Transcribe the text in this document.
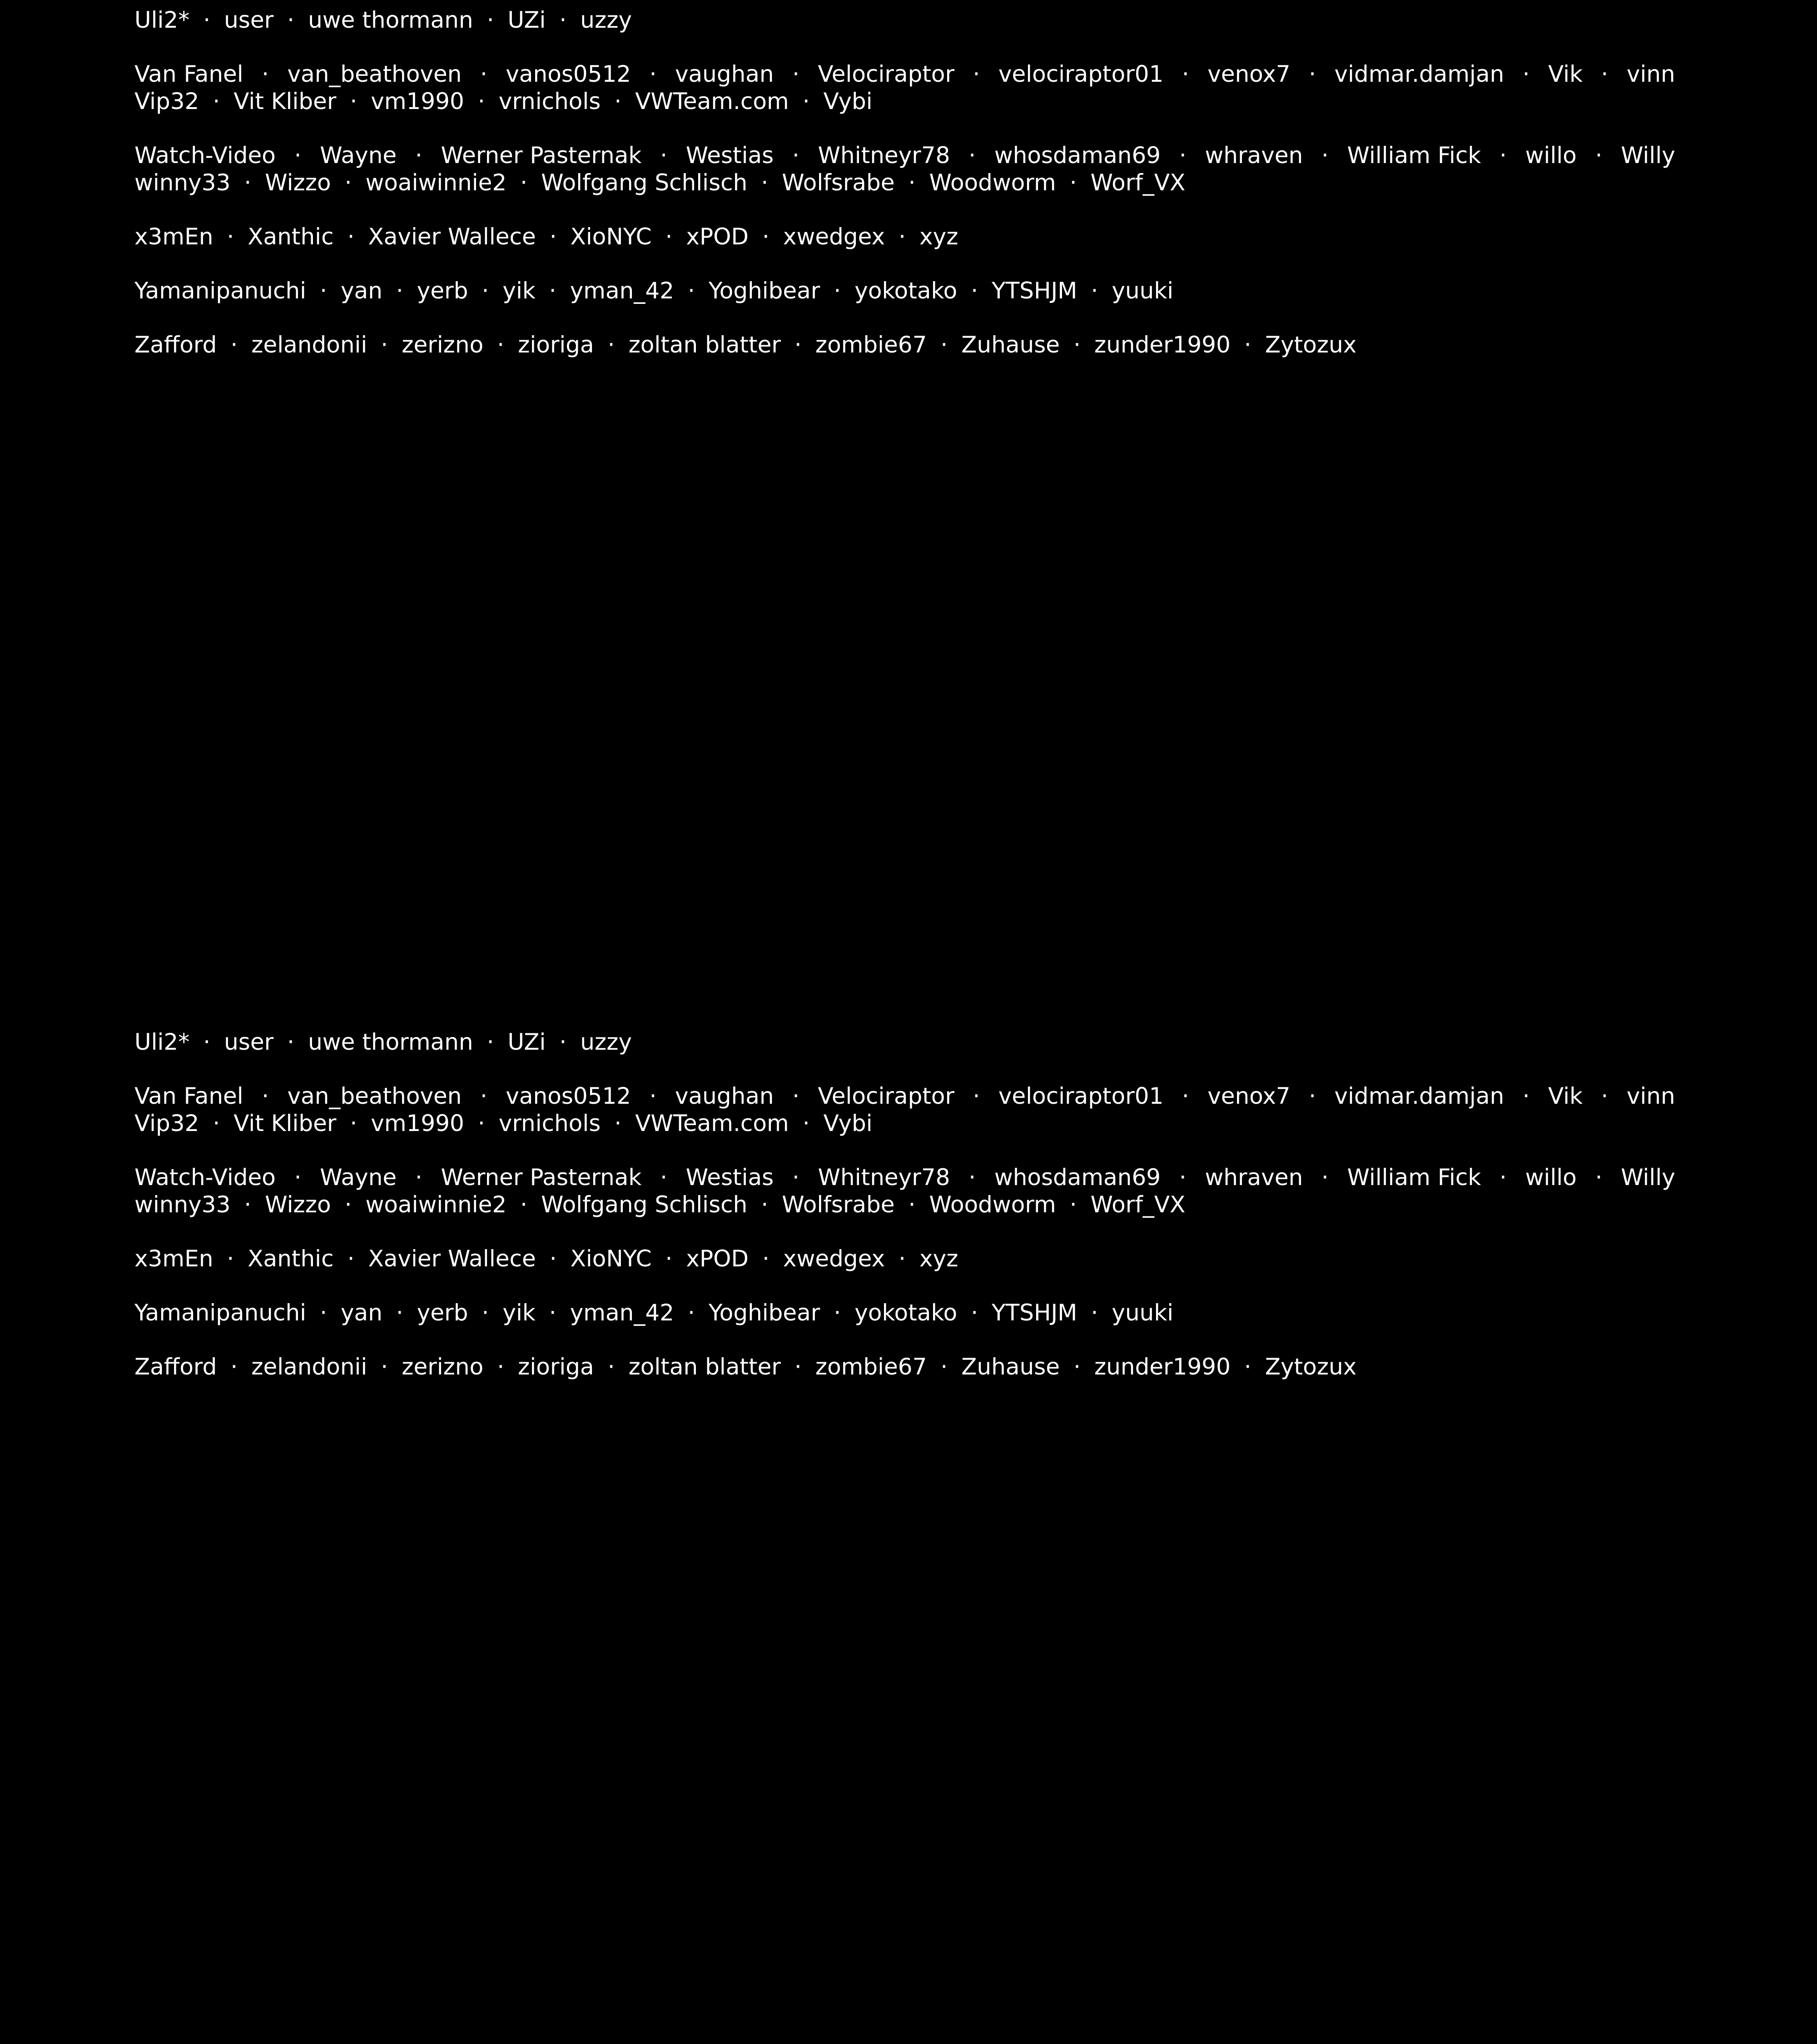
Uli2* · user · uwe thormann · UZi · uzzy
Van Fanel · van_beathoven · vanos0512 · vaughan · Velociraptor · velociraptor01 · venox7 · vidmar.damjan · Vik · vinn
Vip32 · Vit Kliber · vm1990 · vrnichols · VWTeam.com · Vybi
Watch-Video · Wayne · Werner Pasternak · Westias · Whitneyr78 · whosdaman69 · whraven · William Fick · willo · Willy
winny33 · Wizzo · woaiwinnie2 · Wolfgang Schlisch · Wolfsrabe · Woodworm · Worf_VX
x3mEn · Xanthic · Xavier Wallece · XioNYC · xPOD · xwedgex · xyz
Yamanipanuchi · yan · yerb · yik · yman_42 · Yoghibear · yokotako · YTSHJM · yuuki
Zafford · zelandonii · zerizno · zioriga · zoltan blatter · zombie67 · Zuhause · zunder1990 · Zytozux
Uli2* · user · uwe thormann · UZi · uzzy
Van Fanel · van_beathoven · vanos0512 · vaughan · Velociraptor · velociraptor01 · venox7 · vidmar.damjan · Vik · vinn
Vip32 · Vit Kliber · vm1990 · vrnichols · VWTeam.com · Vybi
Watch-Video · Wayne · Werner Pasternak · Westias · Whitneyr78 · whosdaman69 · whraven · William Fick · willo · Willy
winny33 · Wizzo · woaiwinnie2 · Wolfgang Schlisch · Wolfsrabe · Woodworm · Worf_VX
x3mEn · Xanthic · Xavier Wallece · XioNYC · xPOD · xwedgex · xyz
Yamanipanuchi · yan · yerb · yik · yman_42 · Yoghibear · yokotako · YTSHJM · yuuki
Zafford · zelandonii · zerizno · zioriga · zoltan blatter · zombie67 · Zuhause · zunder1990 · Zytozux
